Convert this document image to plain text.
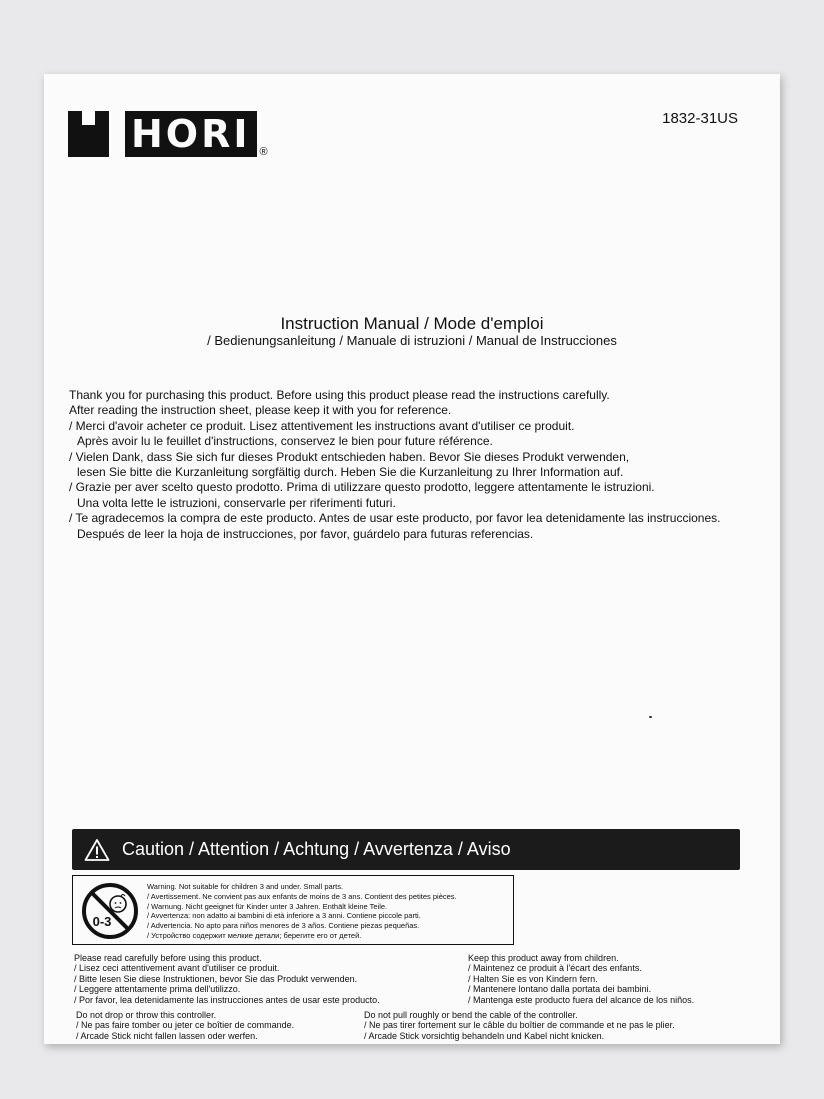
HORI ®
1832-31US
Instruction Manual / Mode d'emploi
/ Bedienungsanleitung / Manuale di istruzioni / Manual de Instrucciones
Thank you for purchasing this product. Before using this product please read the instructions carefully.
After reading the instruction sheet, please keep it with you for reference.
/ Merci d'avoir acheter ce produit. Lisez attentivement les instructions avant d'utiliser ce produit.
Après avoir lu le feuillet d'instructions, conservez le bien pour future référence.
/ Vielen Dank, dass Sie sich fur dieses Produkt entschieden haben. Bevor Sie dieses Produkt verwenden,
lesen Sie bitte die Kurzanleitung sorgfältig durch. Heben Sie die Kurzanleitung zu Ihrer Information auf.
/ Grazie per aver scelto questo prodotto. Prima di utilizzare questo prodotto, leggere attentamente le istruzioni.
Una volta lette le istruzioni, conservarle per riferimenti futuri.
/ Te agradecemos la compra de este producto. Antes de usar este producto, por favor lea detenidamente las instrucciones.
Después de leer la hoja de instrucciones, por favor, guárdelo para futuras referencias.
Caution / Attention / Achtung / Avvertenza / Aviso
0-3
Warning. Not suitable for children 3 and under. Small parts.
/ Avertissement. Ne convient pas aux enfants de moins de 3 ans. Contient des petites pièces.
/ Warnung. Nicht geeignet für Kinder unter 3 Jahren. Enthält kleine Teile.
/ Avvertenza: non adatto ai bambini di età inferiore a 3 anni. Contiene piccole parti.
/ Advertencia. No apto para niños menores de 3 años. Contiene piezas pequeñas.
/ Устройство содержит мелкие детали; берегите его от детей.
Please read carefully before using this product.
/ Lisez ceci attentivement avant d'utiliser ce produit.
/ Bitte lesen Sie diese Instruktionen, bevor Sie das Produkt verwenden.
/ Leggere attentamente prima dell'utilizzo.
/ Por favor, lea detenidamente las instrucciones antes de usar este producto.
Keep this product away from children.
/ Maintenez ce produit à l'écart des enfants.
/ Halten Sie es von Kindern fern.
/ Mantenere lontano dalla portata dei bambini.
/ Mantenga este producto fuera del alcance de los niños.
Do not drop or throw this controller.
/ Ne pas faire tomber ou jeter ce boîtier de commande.
/ Arcade Stick nicht fallen lassen oder werfen.
Do not pull roughly or bend the cable of the controller.
/ Ne pas tirer fortement sur le câble du boîtier de commande et ne pas le plier.
/ Arcade Stick vorsichtig behandeln und Kabel nicht knicken.
